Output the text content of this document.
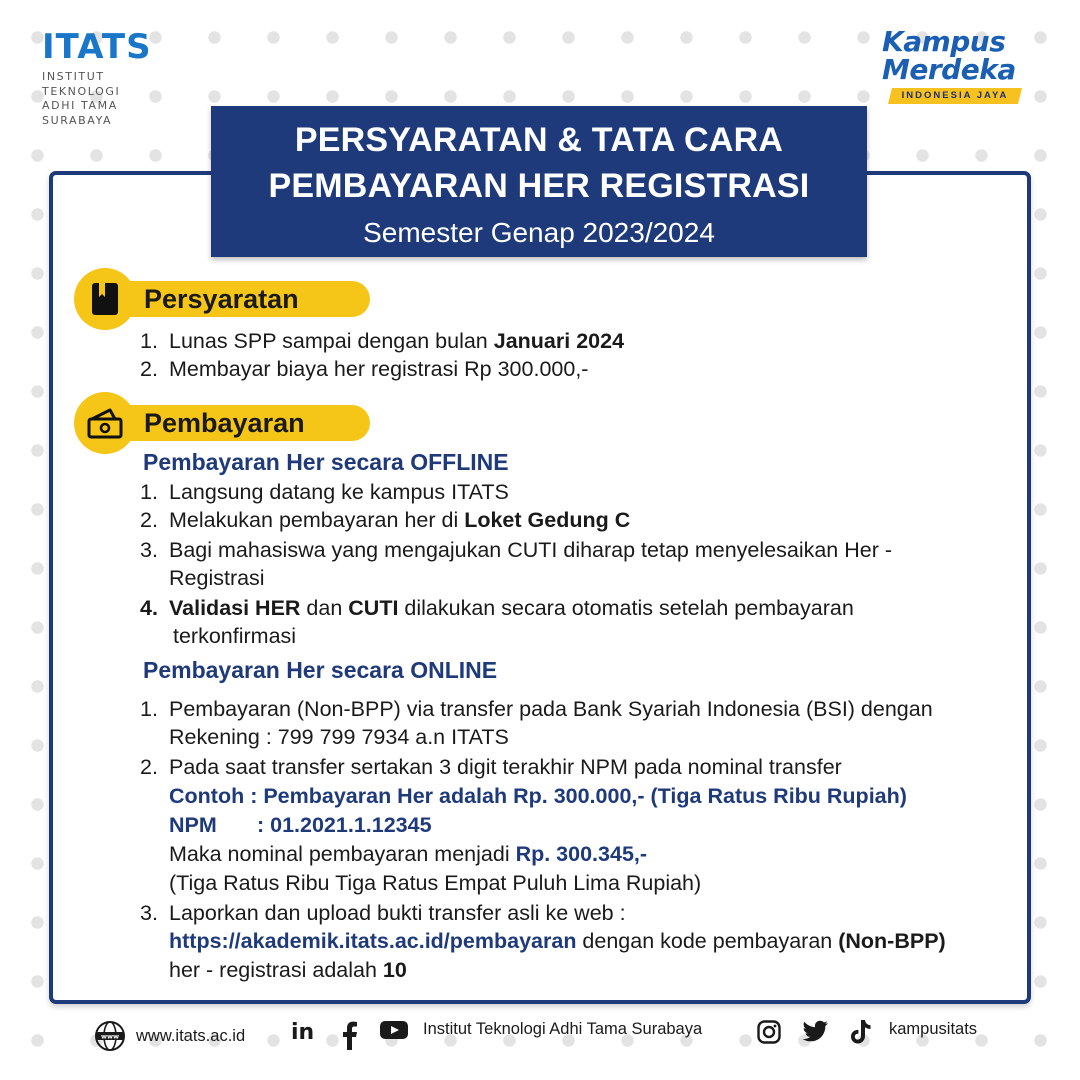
ITATS
INSTITUT
TEKNOLOGI
ADHI TAMA
SURABAYA
Kampus
Merdeka
INDONESIA JAYA
PERSYARATAN & TATA CARA
PEMBAYARAN HER REGISTRASI
Semester Genap 2023/2024
Persyaratan
1. Lunas SPP sampai dengan bulan Januari 2024
2. Membayar biaya her registrasi Rp 300.000,-
Pembayaran
Pembayaran Her secara OFFLINE
1. Langsung datang ke kampus ITATS
2. Melakukan pembayaran her di Loket Gedung C
3. Bagi mahasiswa yang mengajukan CUTI diharap tetap menyelesaikan Her -
Registrasi
4. Validasi HER dan CUTI dilakukan secara otomatis setelah pembayaran
terkonfirmasi
Pembayaran Her secara ONLINE
1. Pembayaran (Non-BPP) via transfer pada Bank Syariah Indonesia (BSI) dengan
Rekening : 799 799 7934 a.n ITATS
2. Pada saat transfer sertakan 3 digit terakhir NPM pada nominal transfer
Contoh : Pembayaran Her adalah Rp. 300.000,- (Tiga Ratus Ribu Rupiah)
NPM : 01.2021.1.12345
Maka nominal pembayaran menjadi Rp. 300.345,-
(Tiga Ratus Ribu Tiga Ratus Empat Puluh Lima Rupiah)
3. Laporkan dan upload bukti transfer asli ke web :
https://akademik.itats.ac.id/pembayaran dengan kode pembayaran (Non-BPP)
her - registrasi adalah 10
www www.itats.ac.id in	Institut Teknologi Adhi Tama Surabaya	kampusitats
